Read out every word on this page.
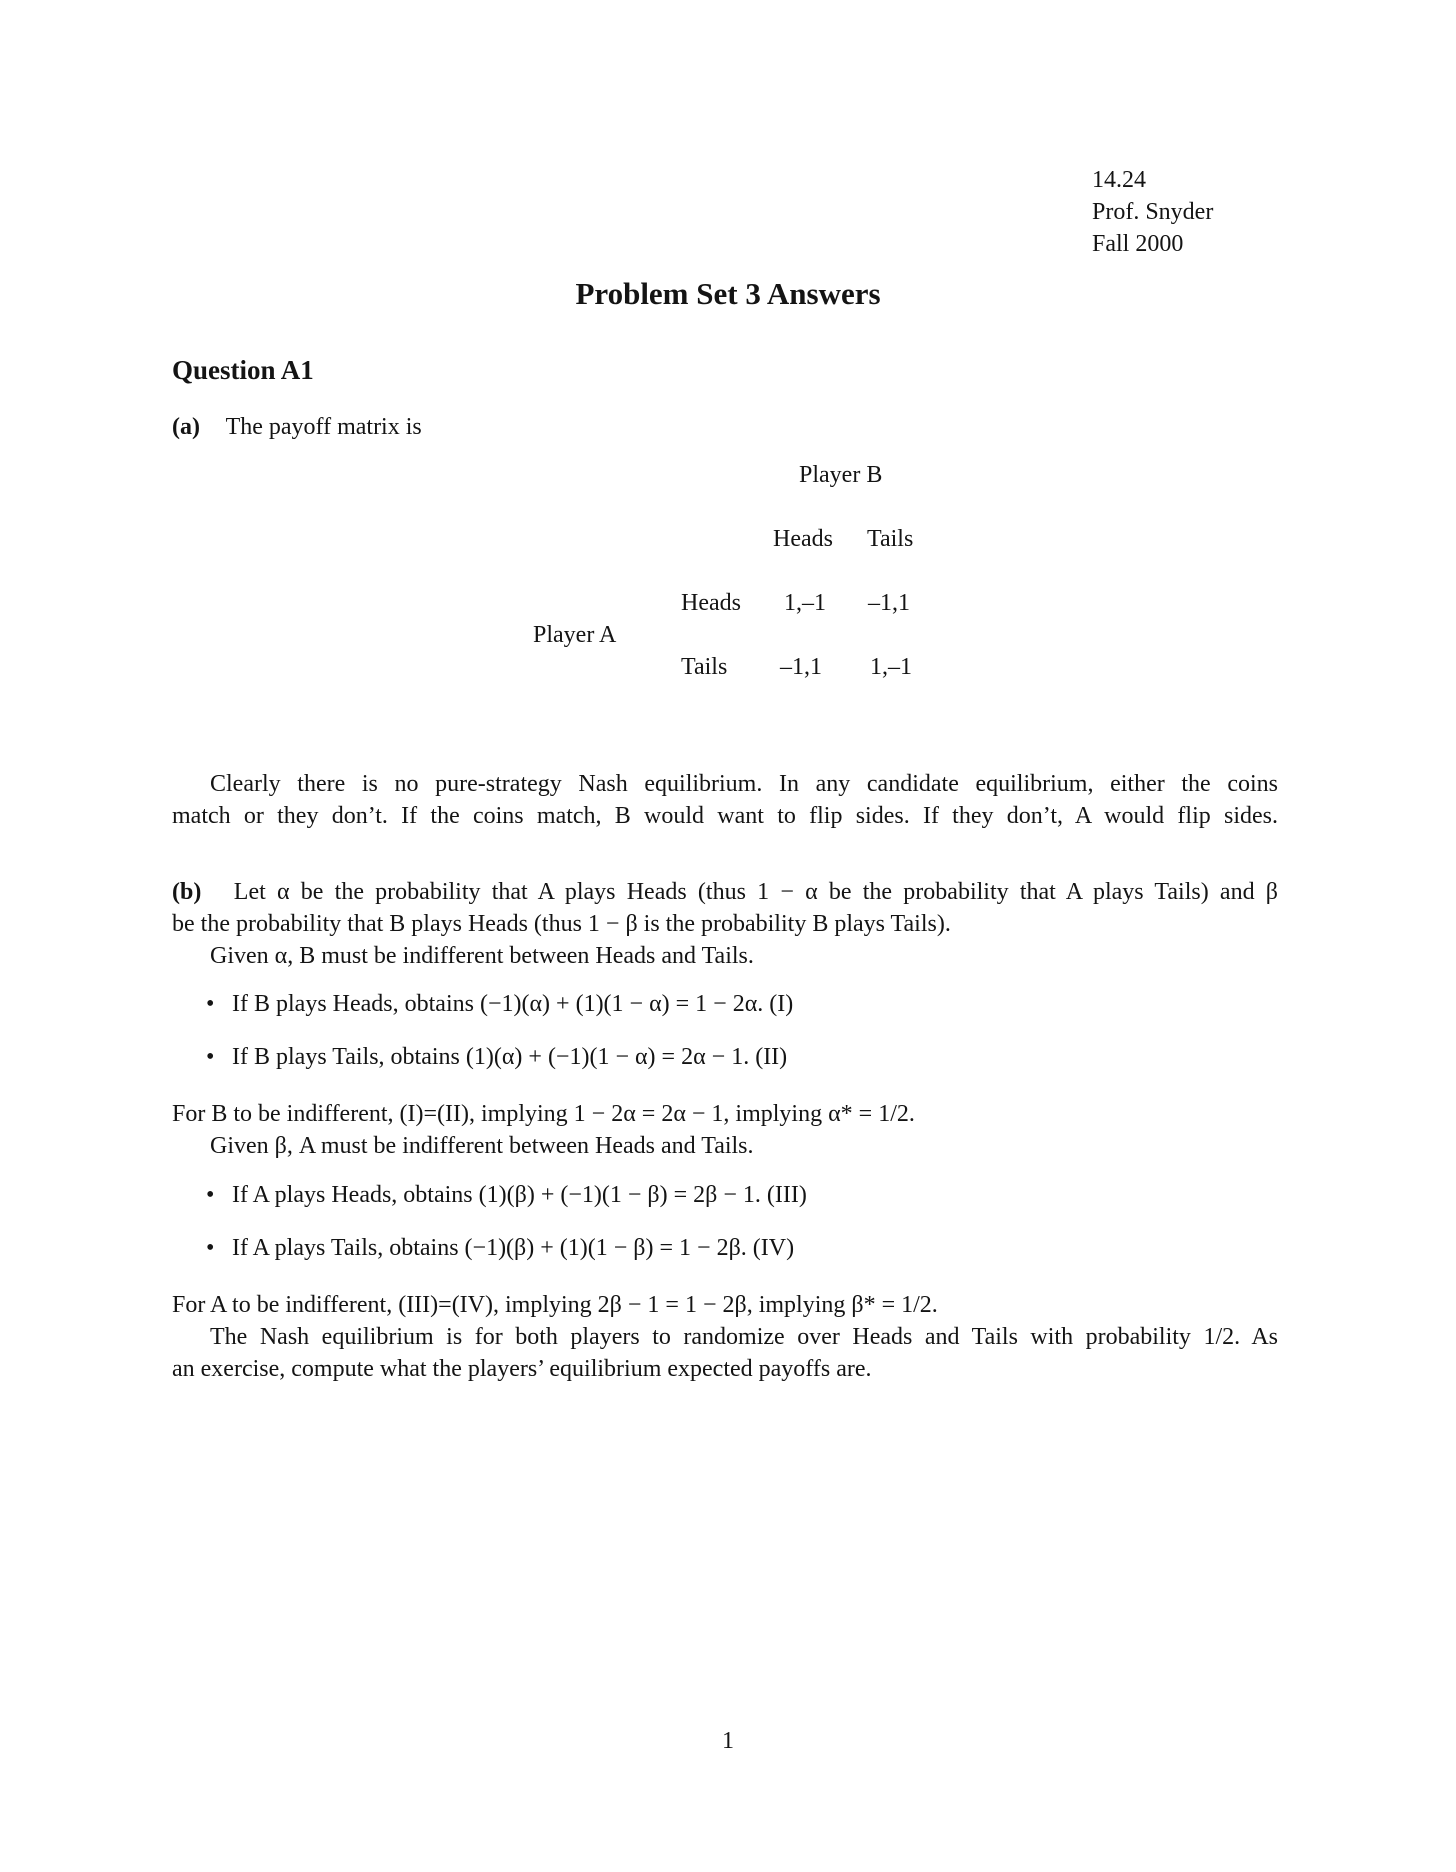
14.24
Prof. Snyder
Fall 2000
Problem Set 3 Answers
Question A1
(a) The payoff matrix is
Player B
Heads Tails
Player A
Heads 1,–1 –1,1
Tails –1,1 1,–1
Clearly there is no pure-strategy Nash equilibrium. In any candidate equilibrium, either the coins
match or they don’t. If the coins match, B would want to flip sides. If they don’t, A would flip sides.
(b) Let α be the probability that A plays Heads (thus 1 − α be the probability that A plays Tails) and β
be the probability that B plays Heads (thus 1 − β is the probability B plays Tails).
Given α, B must be indifferent between Heads and Tails.
• If B plays Heads, obtains (−1)(α) + (1)(1 − α) = 1 − 2α. (I)
• If B plays Tails, obtains (1)(α) + (−1)(1 − α) = 2α − 1. (II)
For B to be indifferent, (I)=(II), implying 1 − 2α = 2α − 1, implying α* = 1/2.
Given β, A must be indifferent between Heads and Tails.
• If A plays Heads, obtains (1)(β) + (−1)(1 − β) = 2β − 1. (III)
• If A plays Tails, obtains (−1)(β) + (1)(1 − β) = 1 − 2β. (IV)
For A to be indifferent, (III)=(IV), implying 2β − 1 = 1 − 2β, implying β* = 1/2.
The Nash equilibrium is for both players to randomize over Heads and Tails with probability 1/2. As
an exercise, compute what the players’ equilibrium expected payoffs are.
1
